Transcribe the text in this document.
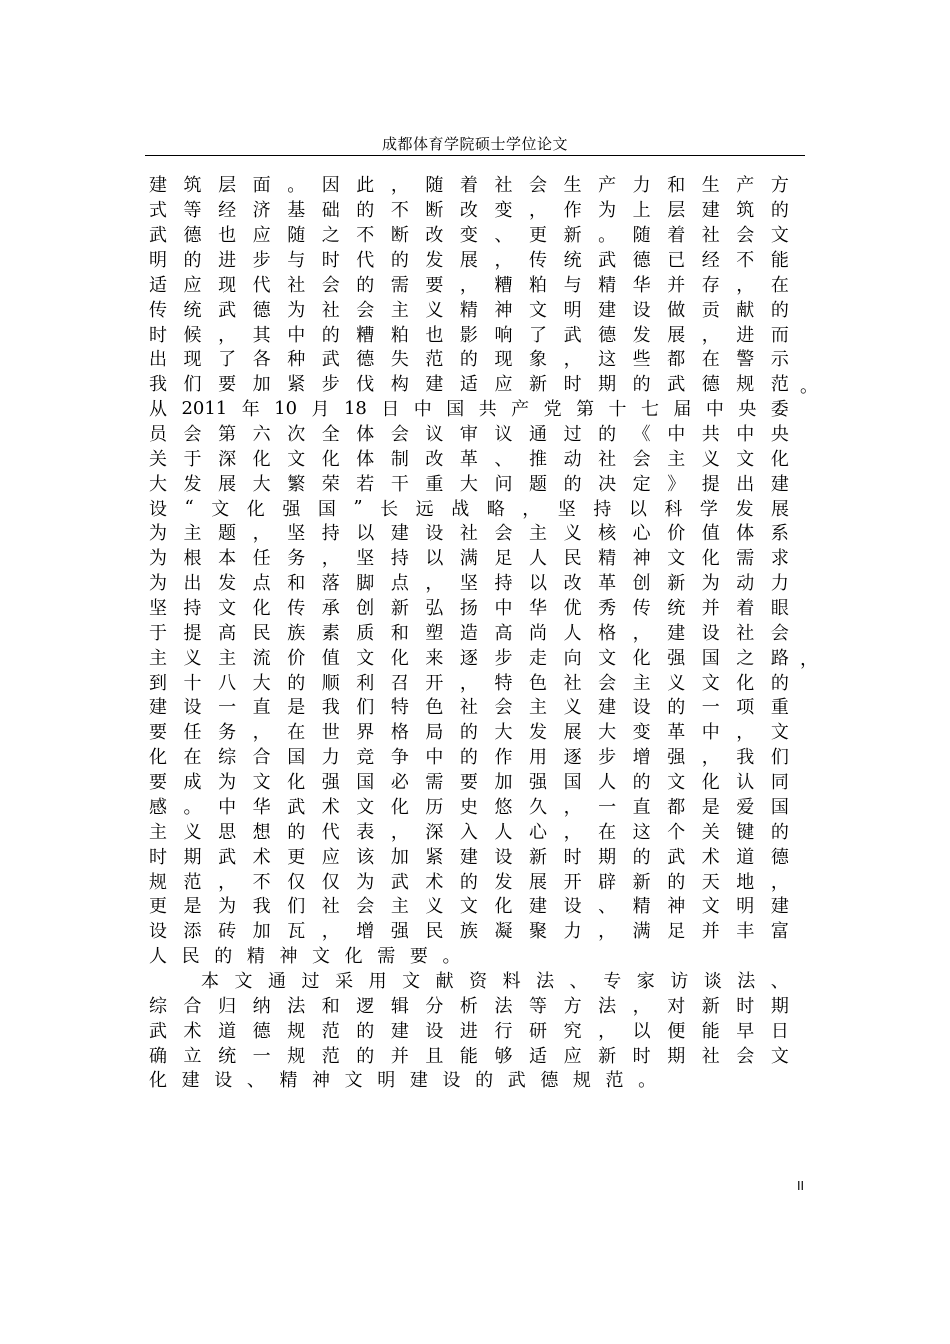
成都体育学院硕士学位论文
建 筑 层 面 。 因 此 ， 随 着 社 会 生 产 力 和 生 产 方
式 等 经 济 基 础 的 不 断 改 变 ， 作 为 上 层 建 筑 的
武 德 也 应 随 之 不 断 改 变 、 更 新 。 随 着 社 会 文
明 的 进 步 与 时 代 的 发 展 ， 传 统 武 德 已 经 不 能
适 应 现 代 社 会 的 需 要 ， 糟 粕 与 精 华 并 存 ， 在
传 统 武 德 为 社 会 主 义 精 神 文 明 建 设 做 贡 献 的
时 候 ， 其 中 的 糟 粕 也 影 响 了 武 德 发 展 ， 进 而
出 现 了 各 种 武 德 失 范 的 现 象 ， 这 些 都 在 警 示
我 们 要 加 紧 步 伐 构 建 适 应 新 时 期 的 武 德 规 范
从 2011 年 10 月 18 日 中 国 共 产 党 第 十 七 届 中 央 委
员 会 第 六 次 全 体 会 议 审 议 通 过 的 《 中 共 中 央
关 于 深 化 文 化 体 制 改 革 、 推 动 社 会 主 义 文 化
大 发 展 大 繁 荣 若 干 重 大 问 题 的 决 定 》 提 出 建
设 “ 文 化 强 国 ” 长 远 战 略 ， 坚 持 以 科 学 发 展
为 主 题 ， 坚 持 以 建 设 社 会 主 义 核 心 价 值 体 系
为 根 本 任 务 ， 坚 持 以 满 足 人 民 精 神 文 化 需 求
为 出 发 点 和 落 脚 点 ， 坚 持 以 改 革 创 新 为 动 力
坚 持 文 化 传 承 创 新 弘 扬 中 华 优 秀 传 统 并 着 眼
于 提 高 民 族 素 质 和 塑 造 高 尚 人 格 ， 建 设 社 会
主 义 主 流 价 值 文 化 来 逐 步 走 向 文 化 强 国 之 路
到 十 八 大 的 顺 利 召 开 ， 特 色 社 会 主 义 文 化 的
建 设 一 直 是 我 们 特 色 社 会 主 义 建 设 的 一 项 重
要 任 务 ， 在 世 界 格 局 的 大 发 展 大 变 革 中 ， 文
化 在 综 合 国 力 竞 争 中 的 作 用 逐 步 增 强 ， 我 们
要 成 为 文 化 强 国 必 需 要 加 强 国 人 的 文 化 认 同
感 。 中 华 武 术 文 化 历 史 悠 久 ， 一 直 都 是 爱 国
主 义 思 想 的 代 表 ， 深 入 人 心 ， 在 这 个 关 键 的
时 期 武 术 更 应 该 加 紧 建 设 新 时 期 的 武 术 道 德
规 范 ， 不 仅 仅 为 武 术 的 发 展 开 辟 新 的 天 地 ，
更 是 为 我 们 社 会 主 义 文 化 建 设 、 精 神 文 明 建
设 添 砖 加 瓦 ， 增 强 民 族 凝 聚 力 ， 满 足 并 丰 富
人 民 的 精 神 文 化 需 要 。
本 文 通 过 采 用 文 献 资 料 法 、 专 家 访 谈 法 、
综 合 归 纳 法 和 逻 辑 分 析 法 等 方 法 ， 对 新 时 期
武 术 道 德 规 范 的 建 设 进 行 研 究 ， 以 便 能 早 日
确 立 统 一 规 范 的 并 且 能 够 适 应 新 时 期 社 会 文
化 建 设 、 精 神 文 明 建 设 的 武 德 规 范 。
。
，
II
